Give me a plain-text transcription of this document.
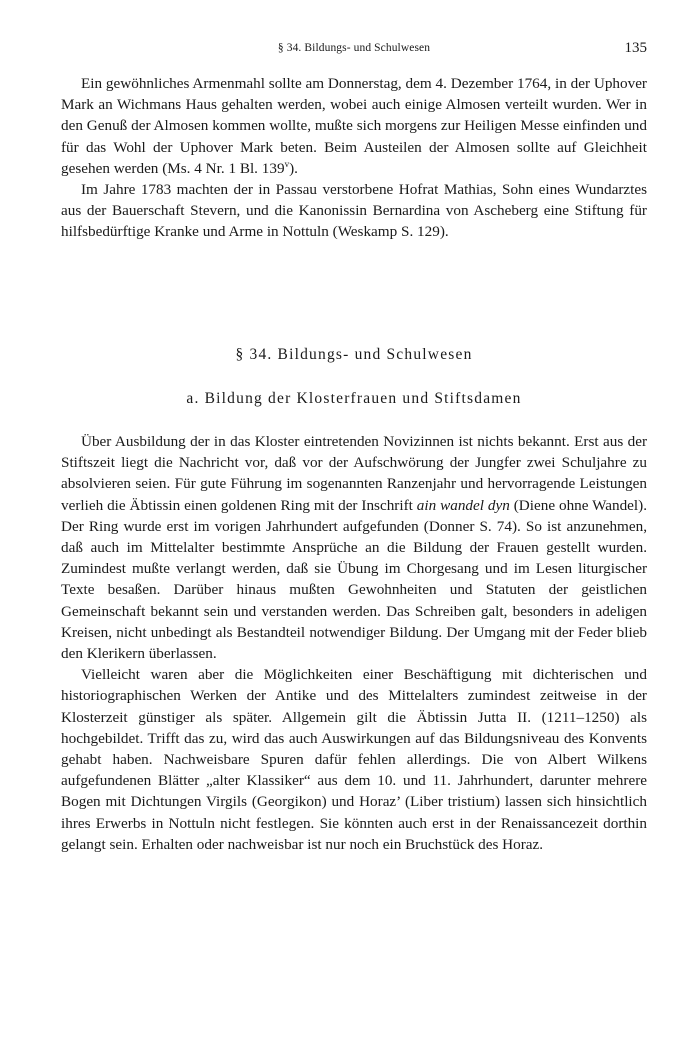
§ 34. Bildungs- und Schulwesen	135

Ein gewöhnliches Armenmahl sollte am Donnerstag, dem 4. Dezember 1764, in der Uphover Mark an Wichmans Haus gehalten werden, wobei auch einige Almosen verteilt wurden. Wer in den Genuß der Almosen kommen wollte, mußte sich morgens zur Heiligen Messe einfinden und für das Wohl der Uphover Mark beten. Beim Austeilen der Almosen sollte auf Gleichheit gesehen werden (Ms. 4 Nr. 1 Bl. 139$^v$).

Im Jahre 1783 machten der in Passau verstorbene Hofrat Mathias, Sohn eines Wundarztes aus der Bauerschaft Stevern, und die Kanonissin Bernardina von Ascheberg eine Stiftung für hilfsbedürftige Kranke und Arme in Nottuln (Weskamp S. 129).

§ 34. Bildungs- und Schulwesen
a. Bildung der Klosterfrauen und Stiftsdamen

Über Ausbildung der in das Kloster eintretenden Novizinnen ist nichts bekannt. Erst aus der Stiftszeit liegt die Nachricht vor, daß vor der Aufschwörung der Jungfer zwei Schuljahre zu absolvieren seien. Für gute Führung im sogenannten Ranzenjahr und hervorragende Leistungen verlieh die Äbtissin einen goldenen Ring mit der Inschrift ain wandel dyn (Diene ohne Wandel). Der Ring wurde erst im vorigen Jahrhundert aufgefunden (Donner S. 74). So ist anzunehmen, daß auch im Mittelalter bestimmte Ansprüche an die Bildung der Frauen gestellt wurden. Zumindest mußte verlangt werden, daß sie Übung im Chorgesang und im Lesen liturgischer Texte besaßen. Darüber hinaus mußten Gewohnheiten und Statuten der geistlichen Gemeinschaft bekannt sein und verstanden werden. Das Schreiben galt, besonders in adeligen Kreisen, nicht unbedingt als Bestandteil notwendiger Bildung. Der Umgang mit der Feder blieb den Klerikern überlassen.

Vielleicht waren aber die Möglichkeiten einer Beschäftigung mit dichterischen und historiographischen Werken der Antike und des Mittelalters zumindest zeitweise in der Klosterzeit günstiger als später. Allgemein gilt die Äbtissin Jutta II. (1211–1250) als hochgebildet. Trifft das zu, wird das auch Auswirkungen auf das Bildungsniveau des Konvents gehabt haben. Nachweisbare Spuren dafür fehlen allerdings. Die von Albert Wilkens aufgefundenen Blätter „alter Klassiker“ aus dem 10. und 11. Jahrhundert, darunter mehrere Bogen mit Dichtungen Virgils (Georgikon) und Horaz’ (Liber tristium) lassen sich hinsichtlich ihres Erwerbs in Nottuln nicht festlegen. Sie könnten auch erst in der Renaissancezeit dorthin gelangt sein. Erhalten oder nachweisbar ist nur noch ein Bruchstück des Horaz.
